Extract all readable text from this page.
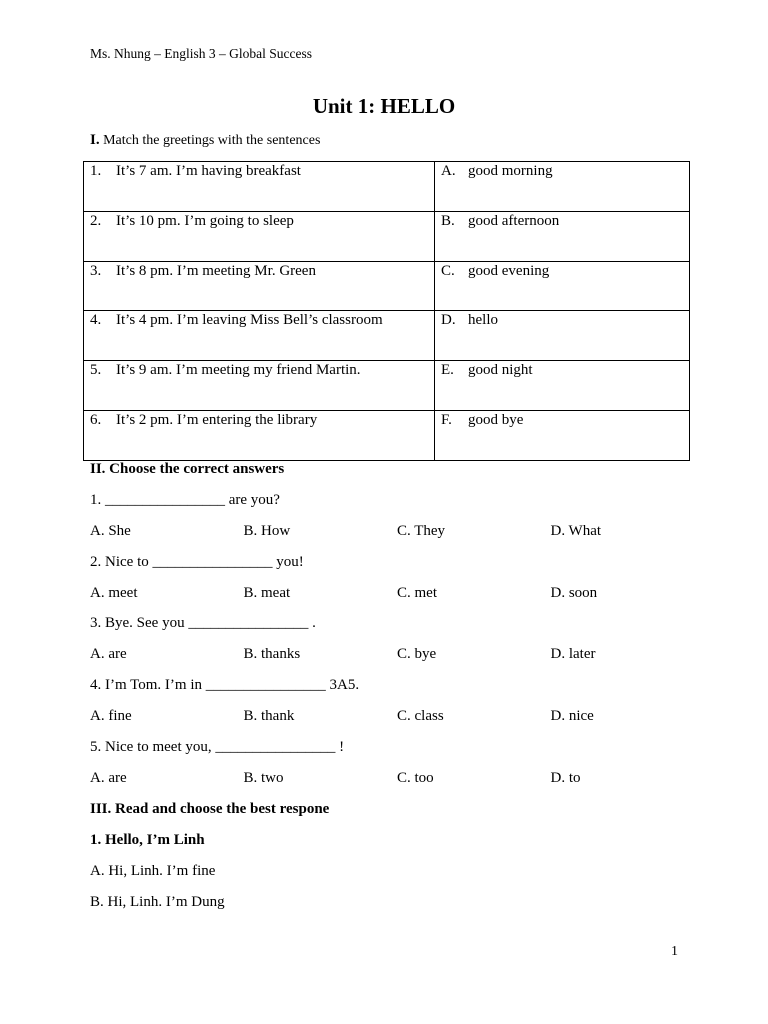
Ms. Nhung – English 3 – Global Success
Unit 1: HELLO
I. Match the greetings with the sentences
1. It’s 7 am. I’m having breakfast	A. good morning

2. It’s 10 pm. I’m going to sleep	B. good afternoon

3. It’s 8 pm. I’m meeting Mr. Green	C. good evening

4. It’s 4 pm. I’m leaving Miss Bell’s classroom	D. hello

5. It’s 9 am. I’m meeting my friend Martin.	E. good night

6. It’s 2 pm. I’m entering the library	F. good bye
II. Choose the correct answers
1. ________________ are you?
A. She	B. How	C. They	D. What
2. Nice to ________________ you!
A. meet	B. meat	C. met	D. soon
3. Bye. See you ________________ .
A. are	B. thanks	C. bye	D. later
4. I’m Tom. I’m in ________________ 3A5.
A. fine	B. thank	C. class	D. nice
5. Nice to meet you, ________________ !
A. are	B. two	C. too	D. to
III. Read and choose the best respone
1. Hello, I’m Linh
A. Hi, Linh. I’m fine
B. Hi, Linh. I’m Dung
1
